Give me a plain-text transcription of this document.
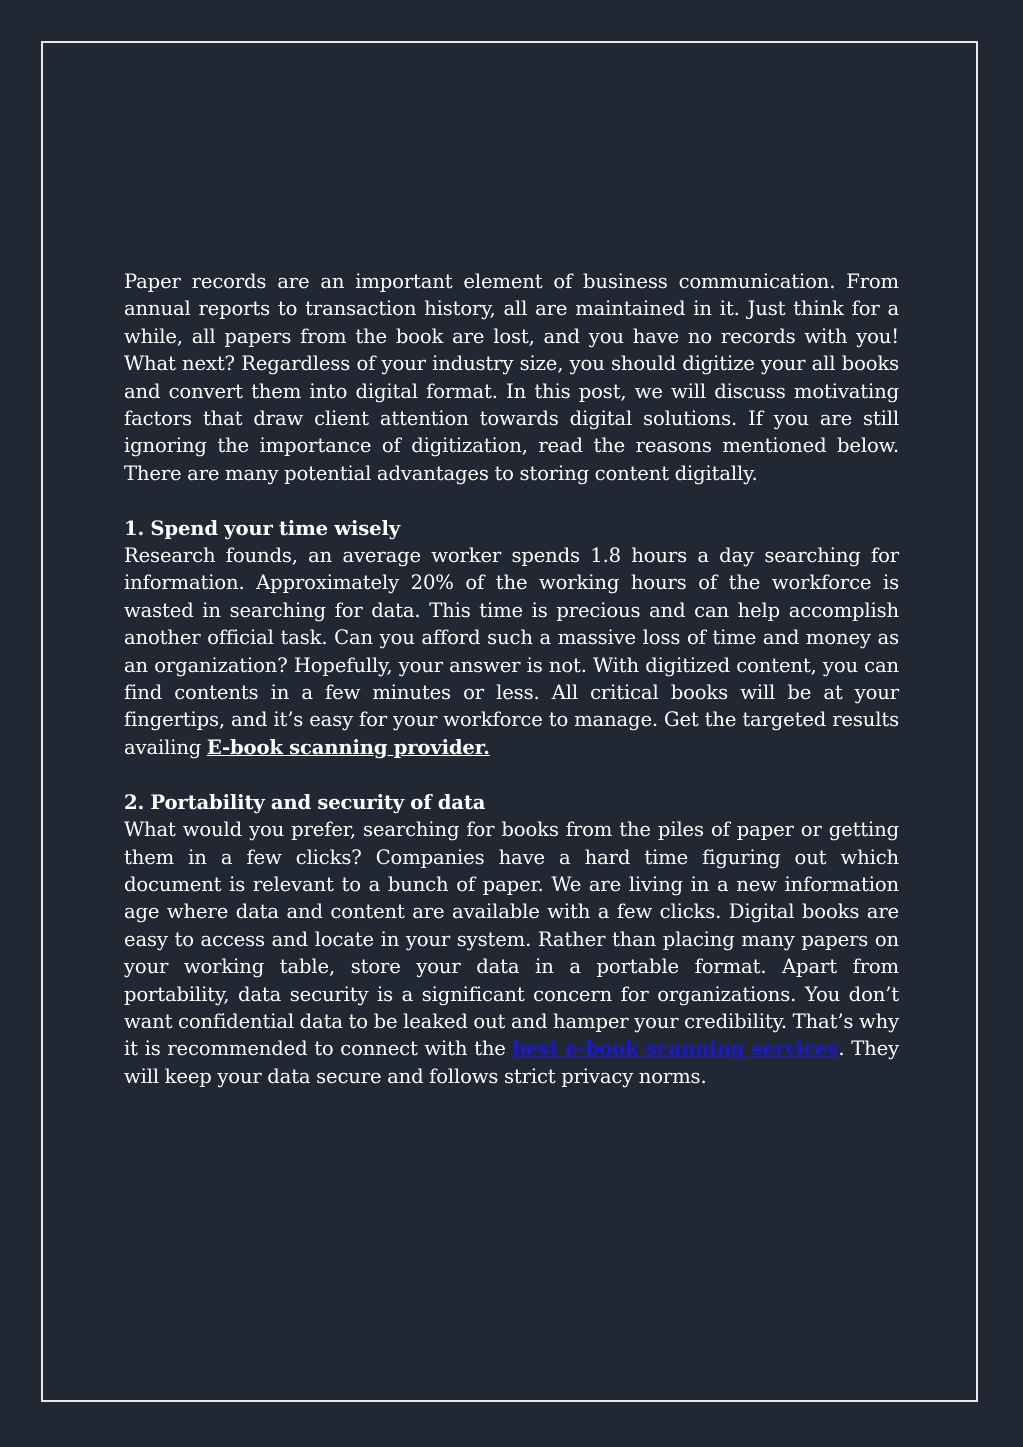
Paper records are an important element of business communication. From annual reports to transaction history, all are maintained in it. Just think for a while, all papers from the book are lost, and you have no records with you! What next? Regardless of your industry size, you should digitize your all books and convert them into digital format. In this post, we will discuss motivating factors that draw client attention towards digital solutions. If you are still ignoring the importance of digitization, read the reasons mentioned below. There are many potential advantages to storing content digitally.

1. Spend your time wisely

Research founds, an average worker spends 1.8 hours a day searching for information. Approximately 20% of the working hours of the workforce is wasted in searching for data. This time is precious and can help accomplish another official task. Can you afford such a massive loss of time and money as an organization? Hopefully, your answer is not. With digitized content, you can find contents in a few minutes or less. All critical books will be at your fingertips, and it’s easy for your workforce to manage. Get the targeted results availing E-book scanning provider.

2. Portability and security of data

What would you prefer, searching for books from the piles of paper or getting them in a few clicks? Companies have a hard time figuring out which document is relevant to a bunch of paper. We are living in a new information age where data and content are available with a few clicks. Digital books are easy to access and locate in your system. Rather than placing many papers on your working table, store your data in a portable format. Apart from portability, data security is a significant concern for organizations. You don’t want confidential data to be leaked out and hamper your credibility. That’s why it is recommended to connect with the best e-book scanning services. They will keep your data secure and follows strict privacy norms.
